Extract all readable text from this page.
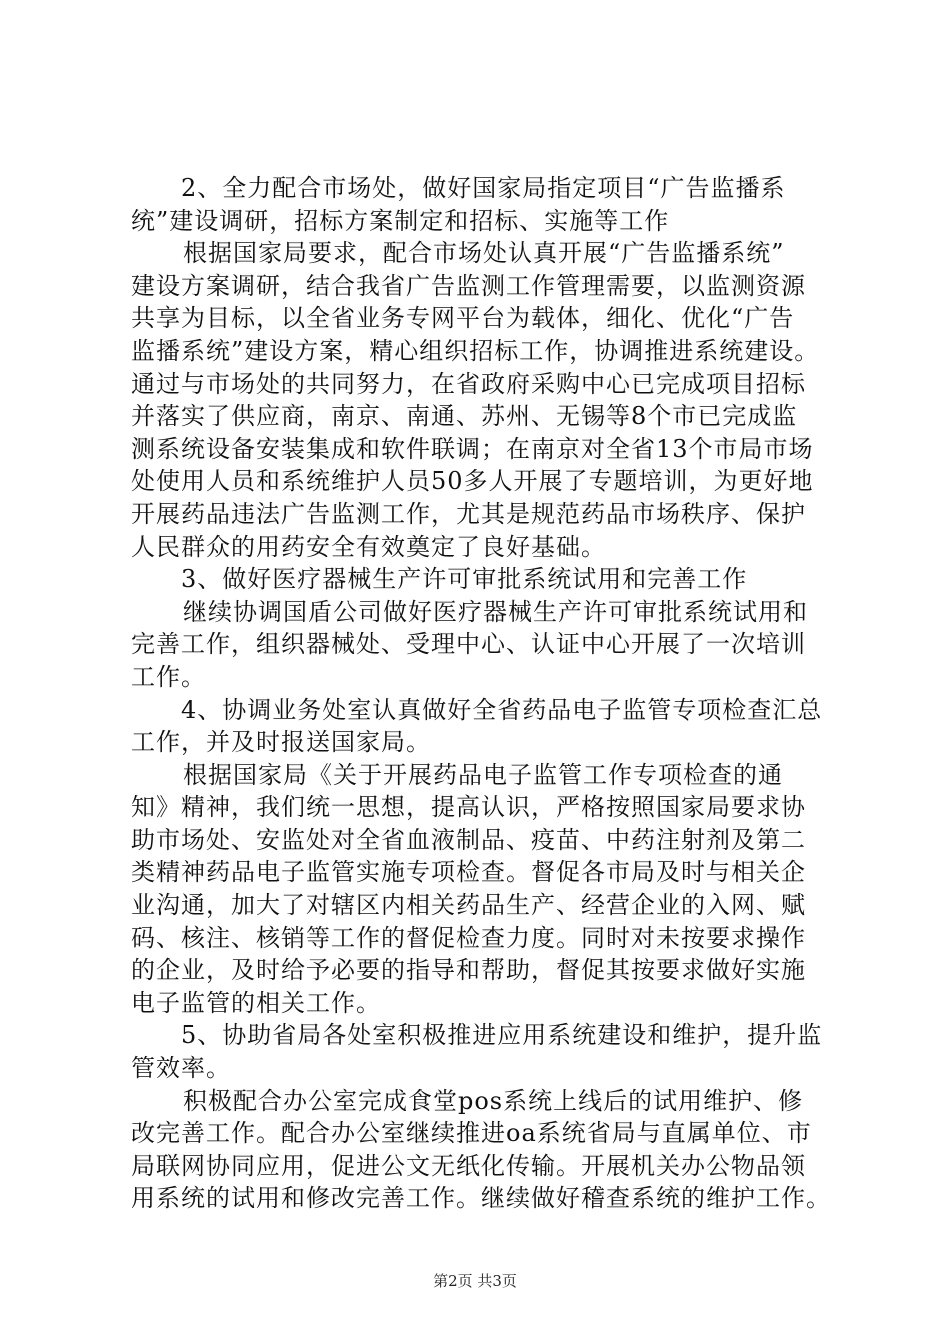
2、全力配合市场处，做好国家局指定项目“广告监播系
统”建设调研，招标方案制定和招标、实施等工作
根据国家局要求，配合市场处认真开展“广告监播系统”
建设方案调研，结合我省广告监测工作管理需要，以监测资源
共享为目标，以全省业务专网平台为载体，细化、优化“广告
监播系统”建设方案，精心组织招标工作，协调推进系统建设。
通过与市场处的共同努力，在省政府采购中心已完成项目招标
并落实了供应商，南京、南通、苏州、无锡等8个市已完成监
测系统设备安装集成和软件联调；在南京对全省13个市局市场
处使用人员和系统维护人员50多人开展了专题培训，为更好地
开展药品违法广告监测工作，尤其是规范药品市场秩序、保护
人民群众的用药安全有效奠定了良好基础。
3、做好医疗器械生产许可审批系统试用和完善工作
继续协调国盾公司做好医疗器械生产许可审批系统试用和
完善工作，组织器械处、受理中心、认证中心开展了一次培训
工作。
4、协调业务处室认真做好全省药品电子监管专项检查汇总
工作，并及时报送国家局。
根据国家局《关于开展药品电子监管工作专项检查的通
知》精神，我们统一思想，提高认识，严格按照国家局要求协
助市场处、安监处对全省血液制品、疫苗、中药注射剂及第二
类精神药品电子监管实施专项检查。督促各市局及时与相关企
业沟通，加大了对辖区内相关药品生产、经营企业的入网、赋
码、核注、核销等工作的督促检查力度。同时对未按要求操作
的企业，及时给予必要的指导和帮助，督促其按要求做好实施
电子监管的相关工作。
5、协助省局各处室积极推进应用系统建设和维护，提升监
管效率。
积极配合办公室完成食堂pos系统上线后的试用维护、修
改完善工作。配合办公室继续推进oa系统省局与直属单位、市
局联网协同应用，促进公文无纸化传输。开展机关办公物品领
用系统的试用和修改完善工作。继续做好稽查系统的维护工作。
第2页 共3页
